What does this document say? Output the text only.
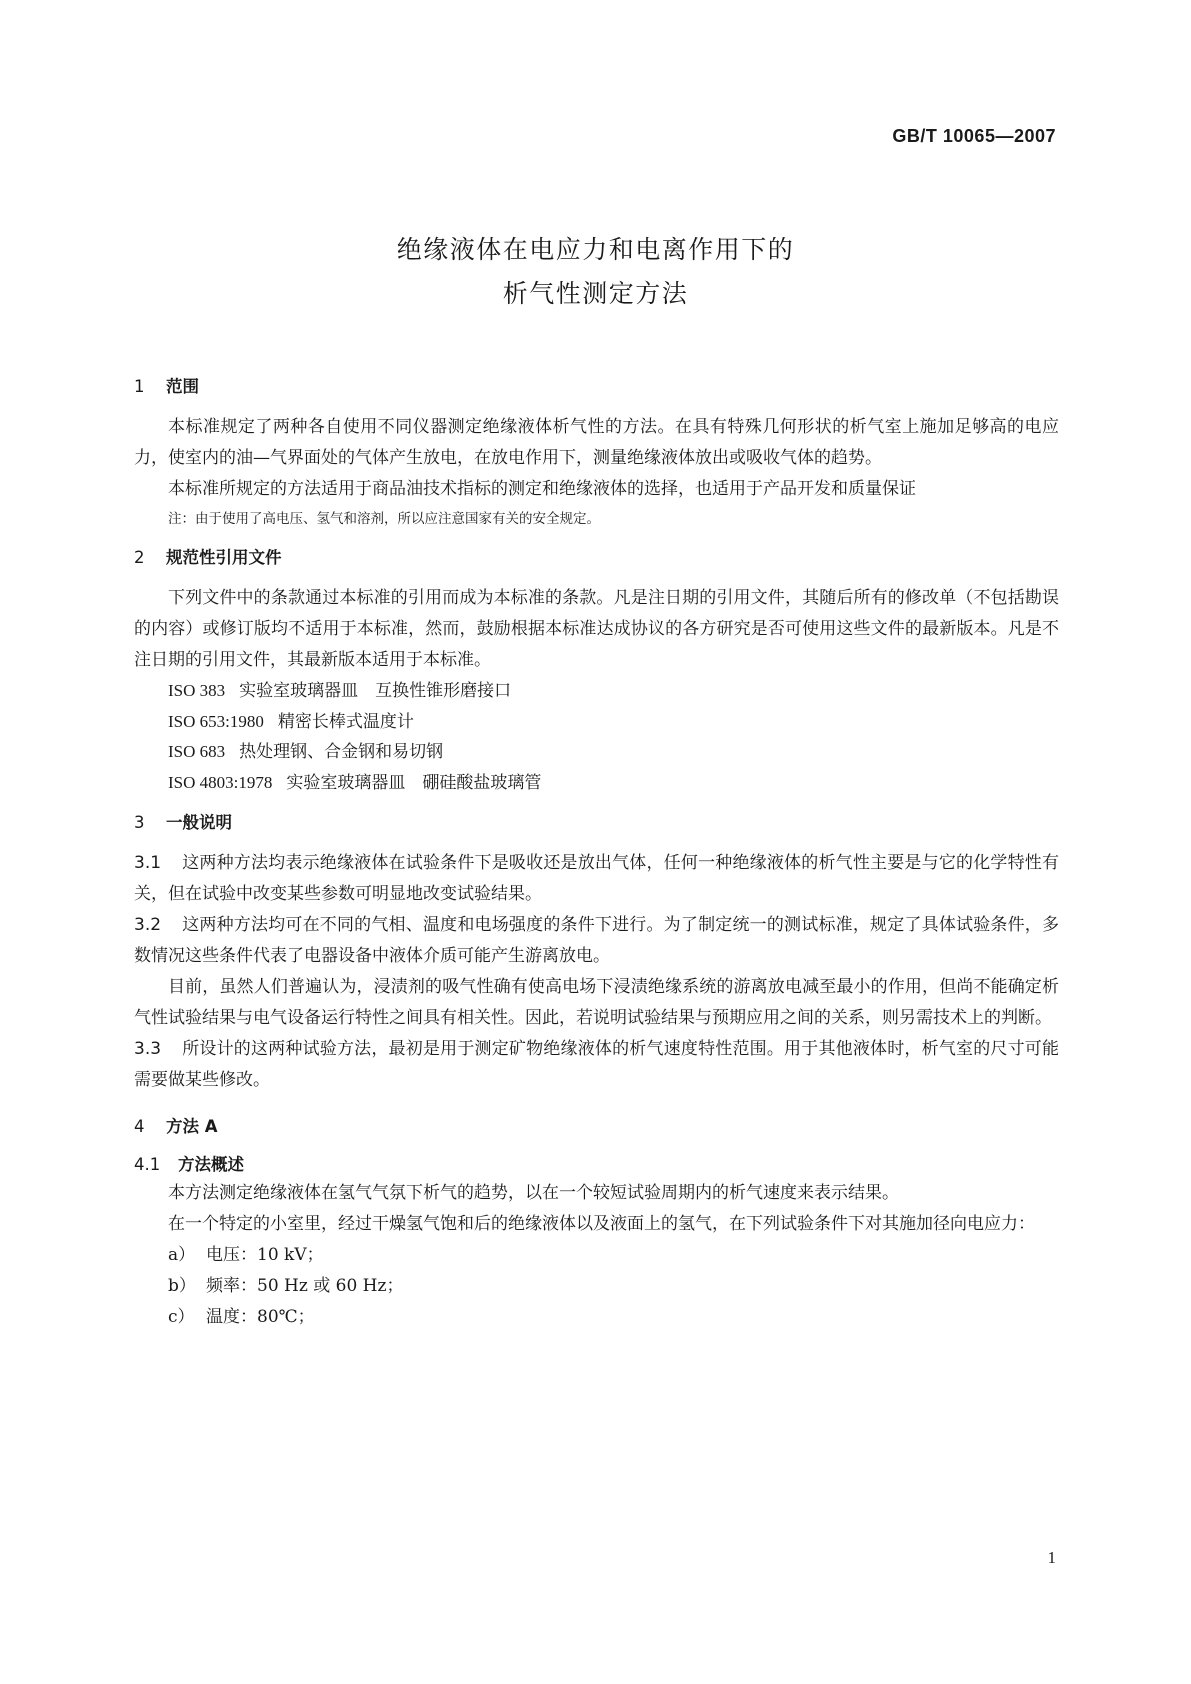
GB/T 10065—2007
绝缘液体在电应力和电离作用下的
析气性测定方法
1 范围

本标准规定了两种各自使用不同仪器测定绝缘液体析气性的方法。在具有特殊几何形状的析气室上施加足够高的电应力，使室内的油—气界面处的气体产生放电，在放电作用下，测量绝缘液体放出或吸收气体的趋势。

本标准所规定的方法适用于商品油技术指标的测定和绝缘液体的选择，也适用于产品开发和质量保证

注：由于使用了高电压、氢气和溶剂，所以应注意国家有关的安全规定。

2 规范性引用文件

下列文件中的条款通过本标准的引用而成为本标准的条款。凡是注日期的引用文件，其随后所有的修改单（不包括勘误的内容）或修订版均不适用于本标准，然而，鼓励根据本标准达成协议的各方研究是否可使用这些文件的最新版本。凡是不注日期的引用文件，其最新版本适用于本标准。

ISO 383 实验室玻璃器皿　互换性锥形磨接口
ISO 653:1980 精密长棒式温度计
ISO 683 热处理钢、合金钢和易切钢
ISO 4803:1978 实验室玻璃器皿　硼硅酸盐玻璃管
3 一般说明

3.1 这两种方法均表示绝缘液体在试验条件下是吸收还是放出气体，任何一种绝缘液体的析气性主要是与它的化学特性有关，但在试验中改变某些参数可明显地改变试验结果。

3.2 这两种方法均可在不同的气相、温度和电场强度的条件下进行。为了制定统一的测试标准，规定了具体试验条件，多数情况这些条件代表了电器设备中液体介质可能产生游离放电。

目前，虽然人们普遍认为，浸渍剂的吸气性确有使高电场下浸渍绝缘系统的游离放电减至最小的作用，但尚不能确定析气性试验结果与电气设备运行特性之间具有相关性。因此，若说明试验结果与预期应用之间的关系，则另需技术上的判断。

3.3 所设计的这两种试验方法，最初是用于测定矿物绝缘液体的析气速度特性范围。用于其他液体时，析气室的尺寸可能需要做某些修改。

4 方法 A
4.1 方法概述

本方法测定绝缘液体在氢气气氛下析气的趋势，以在一个较短试验周期内的析气速度来表示结果。

在一个特定的小室里，经过干燥氢气饱和后的绝缘液体以及液面上的氢气，在下列试验条件下对其施加径向电应力：

a） 电压：10 kV；
b） 频率：50 Hz 或 60 Hz；
c） 温度：80℃；
1
